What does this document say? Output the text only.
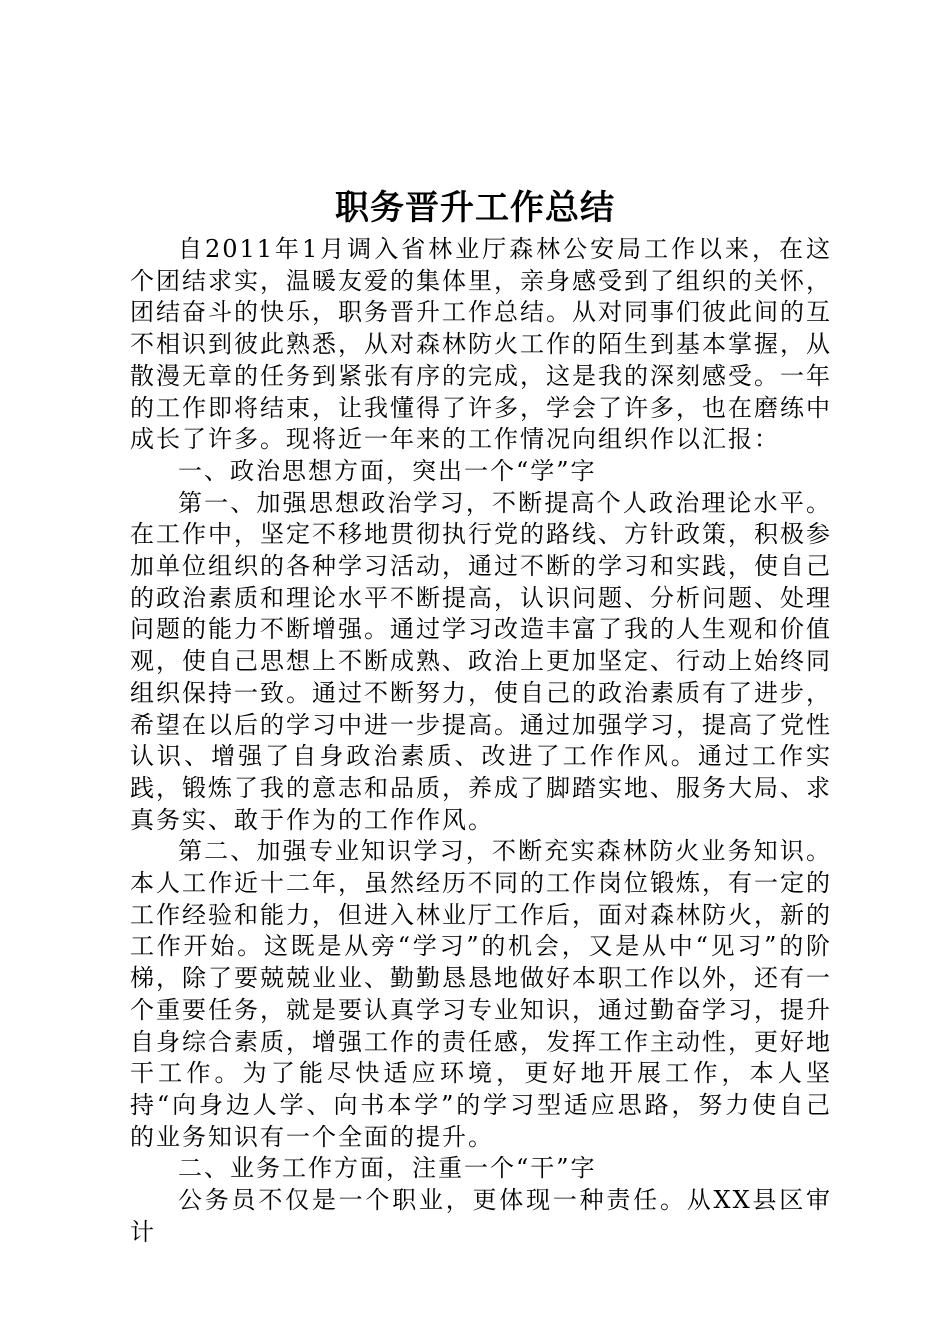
职务晋升工作总结

自2011年1月调入省林业厅森林公安局工作以来，在这个团结求实，温暖友爱的集体里，亲身感受到了组织的关怀，团结奋斗的快乐，职务晋升工作总结。从对同事们彼此间的互不相识到彼此熟悉，从对森林防火工作的陌生到基本掌握，从散漫无章的任务到紧张有序的完成，这是我的深刻感受。一年的工作即将结束，让我懂得了许多，学会了许多，也在磨练中成长了许多。现将近一年来的工作情况向组织作以汇报：

一、政治思想方面，突出一个“学”字

第一、加强思想政治学习，不断提高个人政治理论水平。在工作中，坚定不移地贯彻执行党的路线、方针政策，积极参加单位组织的各种学习活动，通过不断的学习和实践，使自己的政治素质和理论水平不断提高，认识问题、分析问题、处理问题的能力不断增强。通过学习改造丰富了我的人生观和价值观，使自己思想上不断成熟、政治上更加坚定、行动上始终同组织保持一致。通过不断努力，使自己的政治素质有了进步，希望在以后的学习中进一步提高。通过加强学习，提高了党性认识、增强了自身政治素质、改进了工作作风。通过工作实践，锻炼了我的意志和品质，养成了脚踏实地、服务大局、求真务实、敢于作为的工作作风。

第二、加强专业知识学习，不断充实森林防火业务知识。本人工作近十二年，虽然经历不同的工作岗位锻炼，有一定的工作经验和能力，但进入林业厅工作后，面对森林防火，新的工作开始。这既是从旁“学习”的机会，又是从中“见习”的阶梯，除了要兢兢业业、勤勤恳恳地做好本职工作以外，还有一个重要任务，就是要认真学习专业知识，通过勤奋学习，提升自身综合素质，增强工作的责任感，发挥工作主动性，更好地干工作。为了能尽快适应环境，更好地开展工作，本人坚持“向身边人学、向书本学”的学习型适应思路，努力使自己的业务知识有一个全面的提升。

二、业务工作方面，注重一个“干”字

公务员不仅是一个职业，更体现一种责任。从XX县区审计
